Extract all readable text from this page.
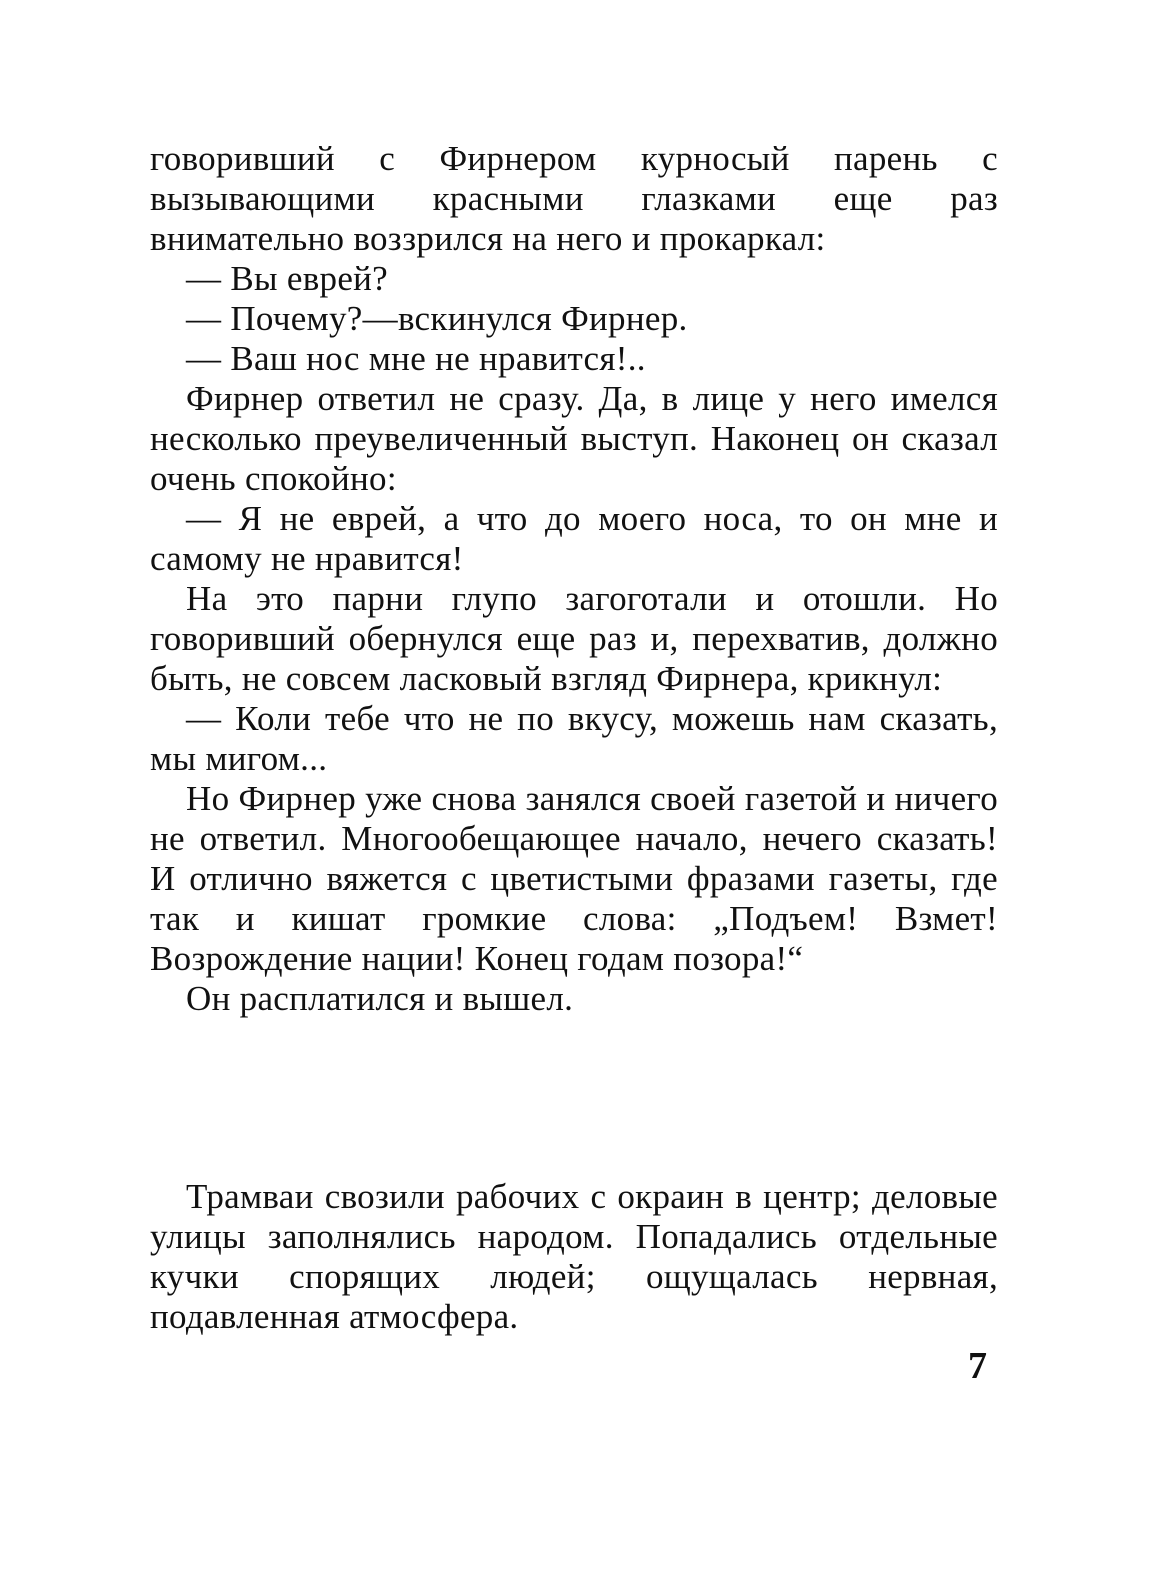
говоривший с Фирнером курносый парень с вызывающими красными глазками еще раз внимательно воззрился на него и прокаркал:

— Вы еврей?

— Почему?—вскинулся Фирнер.

— Ваш нос мне не нравится!..

Фирнер ответил не сразу. Да, в лице у него имелся несколько преувеличенный выступ. Наконец он сказал очень спокойно:

— Я не еврей, а что до моего носа, то он мне и самому не нравится!

На это парни глупо загоготали и отошли. Но говоривший обернулся еще раз и, перехватив, должно быть, не совсем ласковый взгляд Фирнера, крикнул:

— Коли тебе что не по вкусу, можешь нам сказать, мы мигом...

Но Фирнер уже снова занялся своей газетой и ничего не ответил. Многообещающее начало, нечего сказать! И отлично вяжется с цветистыми фразами газеты, где так и кишат громкие слова: „Подъем! Взмет! Возрождение нации! Конец годам позора!“

Он расплатился и вышел.

Трамваи свозили рабочих с окраин в центр; деловые улицы заполнялись народом. Попадались отдельные кучки спорящих людей; ощущалась нервная, подавленная атмосфера.

7
